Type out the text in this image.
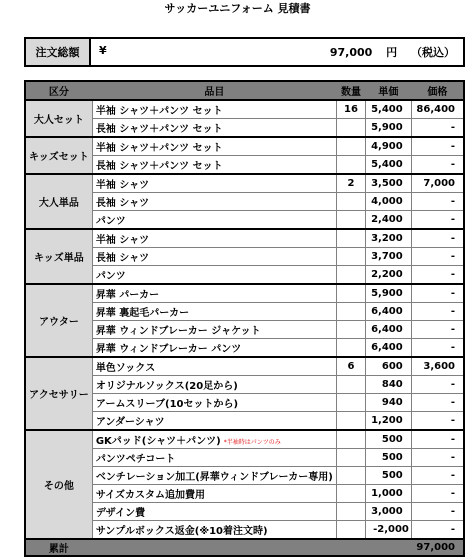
サッカーユニフォーム 見積書
注文総額	¥	97,000 円 （税込）
区分	品目	数量	単価	価格
大人セット	半袖 シャツ＋パンツ セット	16	5,400	86,400
	長袖 シャツ＋パンツ セット		5,900	-
キッズセット	半袖 シャツ＋パンツ セット		4,900	-
	長袖 シャツ＋パンツ セット		5,400	-
大人単品	半袖 シャツ	2	3,500	7,000
	長袖 シャツ		4,000	-
	パンツ		2,400	-
キッズ単品	半袖 シャツ		3,200	-
	長袖 シャツ		3,700	-
	パンツ		2,200	-
アウター	昇華 パーカー		5,900	-
	昇華 裏起毛パーカー		6,400	-
	昇華 ウィンドブレーカー ジャケット		6,400	-
	昇華 ウィンドブレーカー パンツ		6,400	-
アクセサリー	単色ソックス	6	600	3,600
	オリジナルソックス(20足から)		840	-
	アームスリーブ(10セットから)		940	-
	アンダーシャツ		1,200	-
その他	GKパッド(シャツ＋パンツ) *半袖時はパンツのみ		500	-
	パンツペチコート		500	-
	ベンチレーション加工(昇華ウィンドブレーカー専用)		500	-
	サイズカスタム追加費用		1,000	-
	デザイン費		3,000	-
	サンプルボックス返金(※10着注文時)		- 2,000	-
累計				97,000
